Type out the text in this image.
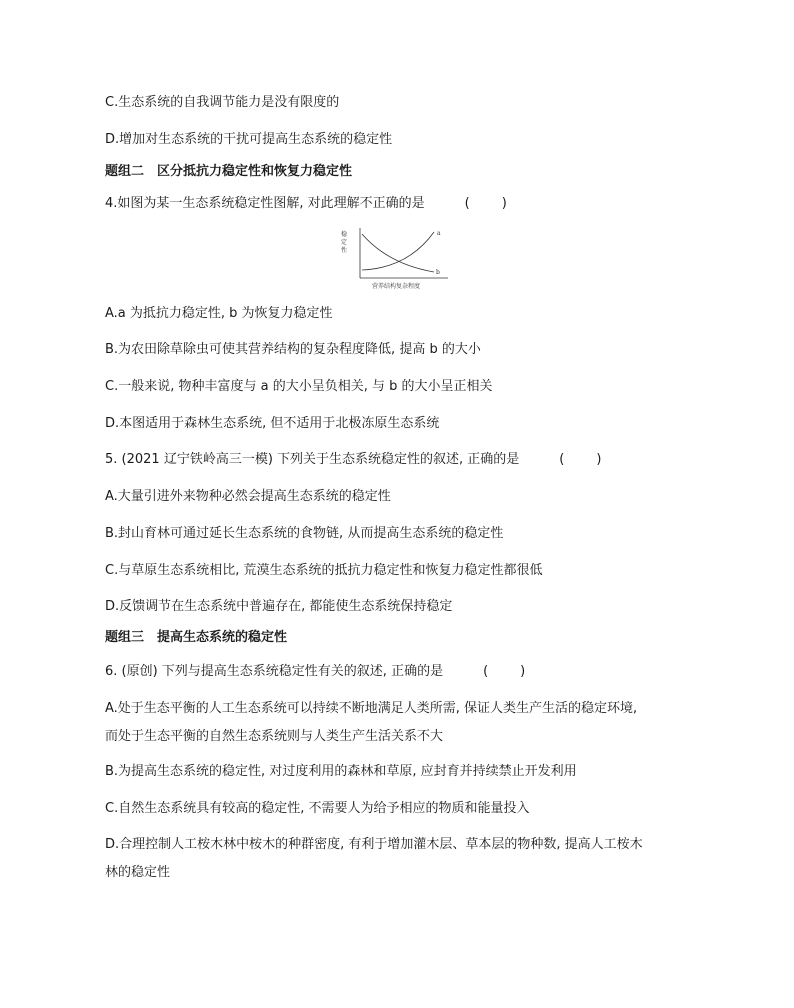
C.生态系统的自我调节能力是没有限度的

D.增加对生态系统的干扰可提高生态系统的稳定性

题组二　区分抵抗力稳定性和恢复力稳定性

4.如图为某一生态系统稳定性图解, 对此理解不正确的是	(　　)

稳
定
性
a
b
营养结构复杂程度

A.a 为抵抗力稳定性, b 为恢复力稳定性

B.为农田除草除虫可使其营养结构的复杂程度降低, 提高 b 的大小

C.一般来说, 物种丰富度与 a 的大小呈负相关, 与 b 的大小呈正相关

D.本图适用于森林生态系统, 但不适用于北极冻原生态系统

5. (2021 辽宁铁岭高三一模) 下列关于生态系统稳定性的叙述, 正确的是	(　　)

A.大量引进外来物种必然会提高生态系统的稳定性

B.封山育林可通过延长生态系统的食物链, 从而提高生态系统的稳定性

C.与草原生态系统相比, 荒漠生态系统的抵抗力稳定性和恢复力稳定性都很低

D.反馈调节在生态系统中普遍存在, 都能使生态系统保持稳定

题组三　提高生态系统的稳定性

6. (原创) 下列与提高生态系统稳定性有关的叙述, 正确的是	(　　)

A.处于生态平衡的人工生态系统可以持续不断地满足人类所需, 保证人类生产生活的稳定环境,

而处于生态平衡的自然生态系统则与人类生产生活关系不大

B.为提高生态系统的稳定性, 对过度利用的森林和草原, 应封育并持续禁止开发利用

C.自然生态系统具有较高的稳定性, 不需要人为给予相应的物质和能量投入

D.合理控制人工桉木林中桉木的种群密度, 有利于增加灌木层、草本层的物种数, 提高人工桉木

林的稳定性
